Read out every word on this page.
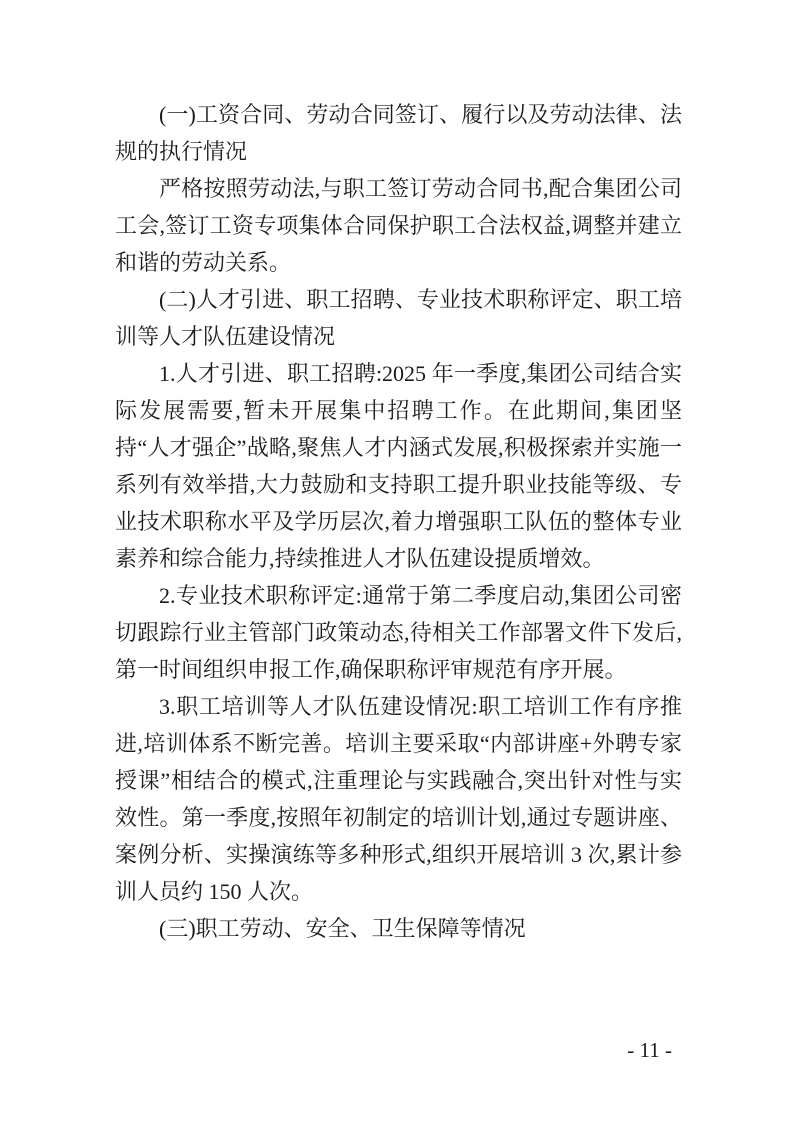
(一)工资合同、劳动合同签订、履行以及劳动法律、法规的执行情况

严格按照劳动法,与职工签订劳动合同书,配合集团公司工会,签订工资专项集体合同保护职工合法权益,调整并建立和谐的劳动关系。

(二)人才引进、职工招聘、专业技术职称评定、职工培训等人才队伍建设情况

1.人才引进、职工招聘:2025 年一季度,集团公司结合实际发展需要,暂未开展集中招聘工作。在此期间,集团坚持“人才强企”战略,聚焦人才内涵式发展,积极探索并实施一系列有效举措,大力鼓励和支持职工提升职业技能等级、专业技术职称水平及学历层次,着力增强职工队伍的整体专业素养和综合能力,持续推进人才队伍建设提质增效。

2.专业技术职称评定:通常于第二季度启动,集团公司密切跟踪行业主管部门政策动态,待相关工作部署文件下发后,第一时间组织申报工作,确保职称评审规范有序开展。

3.职工培训等人才队伍建设情况:职工培训工作有序推进,培训体系不断完善。培训主要采取“内部讲座+外聘专家授课”相结合的模式,注重理论与实践融合,突出针对性与实效性。第一季度,按照年初制定的培训计划,通过专题讲座、案例分析、实操演练等多种形式,组织开展培训 3 次,累计参训人员约 150 人次。

(三)职工劳动、安全、卫生保障等情况

- 11 -
